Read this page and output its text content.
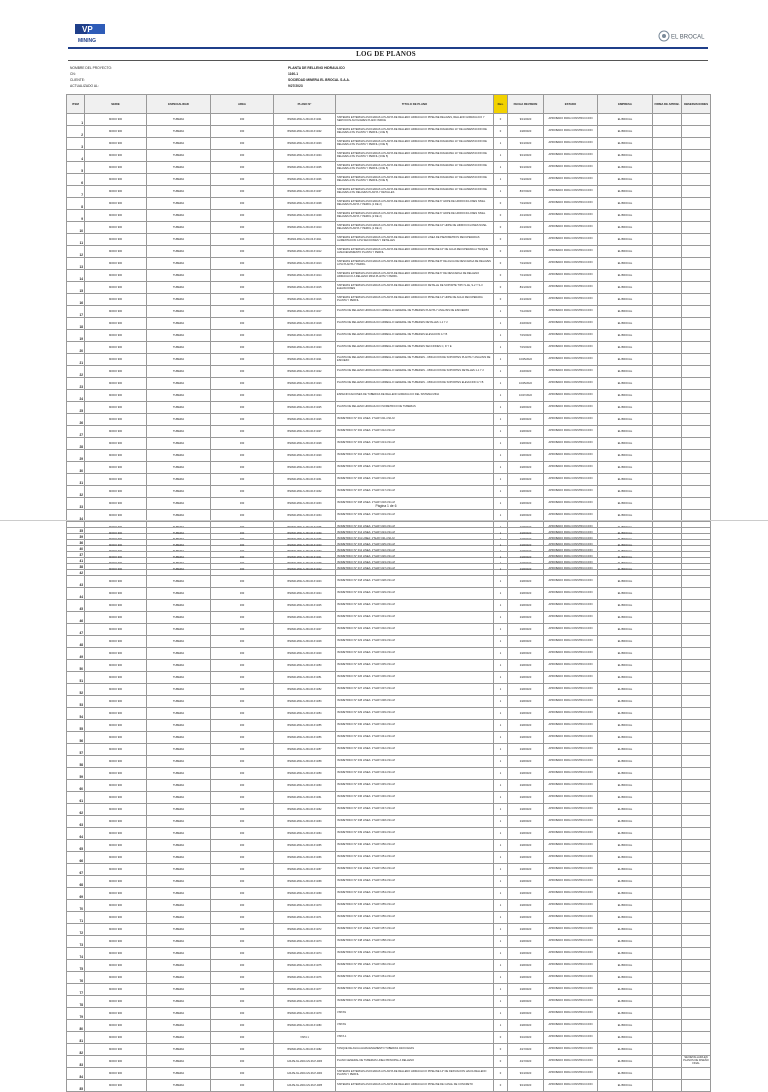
VP
MINING
EL BROCAL
LOG DE PLANOS
NOMBRE DEL PROYECTO:	PLANTA DE RELLENO HIDRAULICO
CN:	1160-1
CLIENTE:	SOCIEDAD MINERA EL BROCAL S.A.A.
ACTUALIZADO AL:	9/27/2023
ITEM	SERIE	ESPECIALIDAD	AREA	PLANO N°	TITULO DE PLANO	Rev.	FECHA REVISION	ESTADO	EMPRESA	FIRMA DE APROB.	OBSERVACIONES
1	MODO 900	TUBERIA	330	BS0600-MNG-S-330-06-P-4001	SISTEMAS EXTERNAS ASOCIADAS A PLANTA DE RELLENO HIDRAULICO PIPELINE RELAVES, RELLENO HIDRAULICO Y SERVICIOS AUXILIARES PLANO INDICE	0	9/13/2023	APROBADO PARA CONSTRUCCION	EL BROCAL		
2	MODO 900	TUBERIA	330	BS0600-MNG-S-330-06-P-4002	SISTEMAS EXTERNAS ASOCIADAS A PLANTA DE RELLENO HIDRAULICO PIPELINE DIAGRAMA 14" DE ALIMENTACION DE RELAVES A PH PLANTA Y PERFIL (1 DE 5)	0	2/28/2023	APROBADO PARA CONSTRUCCION	EL BROCAL		
3	MODO 900	TUBERIA	330	BS0600-MNG-S-330-06-P-4003	SISTEMAS EXTERNAS ASOCIADAS A PLANTA DE RELLENO HIDRAULICO PIPELINE DIAGRAMA 14" DE ALIMENTACION DE RELAVES A PH PLANTA Y PERFIL (2 DE 5)	1	9/13/2023	APROBADO PARA CONSTRUCCION	EL BROCAL		
4	MODO 900	TUBERIA	330	BS0600-MNG-S-330-06-P-4004	SISTEMAS EXTERNAS ASOCIADAS A PLANTA DE RELLENO HIDRAULICO PIPELINE DIAGRAMA 14" DE ALIMENTACION DE RELAVES A PH PLANTA Y PERFIL (3 DE 5)	1	9/13/2023	APROBADO PARA CONSTRUCCION	EL BROCAL		
5	MODO 900	TUBERIA	330	BS0600-MNG-S-330-06-P-4005	SISTEMAS EXTERNAS ASOCIADAS A PLANTA DE RELLENO HIDRAULICO PIPELINE DIAGRAMA 14" DE ALIMENTACION DE RELAVES A PH PLANTA Y PERFIL (4 DE 5)	1	9/13/2023	APROBADO PARA CONSTRUCCION	EL BROCAL		
6	MODO 900	TUBERIA	330	BS0600-MNG-S-330-06-P-4006	SISTEMAS EXTERNAS ASOCIADAS A PLANTA DE RELLENO HIDRAULICO PIPELINE DIAGRAMA 14" DE ALIMENTACION DE RELAVES A PH PLANTA Y PERFIL (5 DE 5)	1	7/24/2023	APROBADO PARA CONSTRUCCION	EL BROCAL		
7	MODO 900	TUBERIA	330	BS0600-MNG-S-330-06-P-4007	SISTEMAS EXTERNAS ASOCIADAS A PLANTA DE RELLENO HIDRAULICO PIPELINE DIAGRAMA 14" DE ALIMENTACION DE RELAVES A PH RELAVES PLANTA Y DETALLES	1	8/07/2023	APROBADO PARA CONSTRUCCION	EL BROCAL		
8	MODO 900	TUBERIA	330	BS0600-MNG-S-330-06-P-4008	SISTEMAS EXTERNAS ASOCIADAS A PLANTA DE RELLENO HIDRAULICO PIPELINE 6" HDPE DE HIDROCICLONES NIVEL RELAVES PLANTA Y PERFIL (1 DE 2)	0	7/24/2023	APROBADO PARA CONSTRUCCION	EL BROCAL		
9	MODO 900	TUBERIA	330	BS0600-MNG-S-330-06-P-4009	SISTEMAS EXTERNAS ASOCIADAS A PLANTA DE RELLENO HIDRAULICO PIPELINE 6" HDPE DE HIDROCICLONES NIVEL RELAVES PLANTA Y PERFIL (2 DE 2)	0	4/13/2023	APROBADO PARA CONSTRUCCION	EL BROCAL		
10	MODO 900	TUBERIA	330	BS0600-MNG-S-330-06-P-4010	SISTEMAS EXTERNAS ASOCIADAS A PLANTA DE RELLENO HIDRAULICO PIPELINE 10" HDPE DE HIDROCICLONES NIVEL RELAVES PLANTA Y PERFIL (1 DE 2)	0	4/13/2023	APROBADO PARA CONSTRUCCION	EL BROCAL		
11	MODO 900	TUBERIA	330	BS0600-MNG-S-330-06-P-4011	SISTEMAS EXTERNAS ASOCIADAS A PLANTA DE RELLENO HIDRAULICO LINEA DE PIEZOMETROS RECUPERADAS ALIMENTACION A PH SECCIONES Y DETALLES	0	4/13/2023	APROBADO PARA CONSTRUCCION	EL BROCAL		
12	MODO 900	TUBERIA	330	BS0600-MNG-S-330-06-P-4012	SISTEMAS EXTERNAS ASOCIADAS A PLANTA DE RELLENO HIDRAULICO PIPELINE 10" DE AGUA RECUPERADA A TANQUE ALMACENAMIENTO PLANTA Y PERFIL	0	4/13/2023	APROBADO PARA CONSTRUCCION	EL BROCAL		
13	MODO 900	TUBERIA	330	BS0600-MNG-S-330-06-P-4013	SISTEMAS EXTERNAS ASOCIADAS A PLANTA DE RELLENO HIDRAULICO PIPELINE 8" DE AGUA DE DESCARGA DE RELAVES A PH PLANTA Y PERFIL	0	7/24/2023	APROBADO PARA CONSTRUCCION	EL BROCAL		
14	MODO 900	TUBERIA	330	BS0600-MNG-S-330-06-P-4014	SISTEMAS EXTERNAS ASOCIADAS A PLANTA DE RELLENO HIDRAULICO PIPELINE 6" DE DESCARGA DE RELLENO HIDRAULICO A RELLENO MINA PLANTA Y PERFIL	0	7/13/2023	APROBADO PARA CONSTRUCCION	EL BROCAL		
15	MODO 900	TUBERIA	330	BS0600-MNG-S-330-06-P-4015	SISTEMAS EXTERNAS ASOCIADAS A PLANTA DE RELLENO HIDRAULICO DETALLE DE SOPORTE TIPO S-1E, S-2 Y S-3 ELEVACIONES	0	8/21/2023	APROBADO PARA CONSTRUCCION	EL BROCAL		
16	MODO 900	TUBERIA	330	BS0600-MNG-S-330-06-P-4016	SISTEMAS EXTERNAS ASOCIADAS A PLANTA DE RELLENO HIDRAULICO PIPELINE 12" HDPE DE AGUA RECUPERADA PLANTA Y PERFIL	0	4/13/2023	APROBADO PARA CONSTRUCCION	EL BROCAL		
17	MODO 900	TUBERIA	330	BS0600-MNG-S-330-06-P-4017	PLANTA DE RELLENO HIDRAULICO ARREGLO GENERAL DE TUBERIAS PLANTA Y ANALISIS DE ESFUERZO	1	7/12/2023	APROBADO PARA CONSTRUCCION	EL BROCAL		
18	MODO 900	TUBERIA	330	BS0600-MNG-S-330-06-P-4018	PLANTA DE RELLENO HIDRAULICO ARREGLO GENERAL DE TUBERIAS DETALLES 1-1 Y 2	1	4/18/2023	APROBADO PARA CONSTRUCCION	EL BROCAL		
19	MODO 900	TUBERIA	330	BS0600-MNG-S-330-06-P-4019	PLANTA DE RELLENO HIDRAULICO ARREGLO GENERAL DE TUBERIAS ELEVACION A Y B	1	7/15/2023	APROBADO PARA CONSTRUCCION	EL BROCAL		
20	MODO 900	TUBERIA	330	BS0600-MNG-S-330-06-P-4020	PLANTA DE RELLENO HIDRAULICO ARREGLO GENERAL DE TUBERIAS SECCIONES C, D Y E	1	7/15/2023	APROBADO PARA CONSTRUCCION	EL BROCAL		
21	MODO 900	TUBERIA	330	BS0600-MNG-S-330-06-P-4021	PLANTA DE RELLENO HIDRAULICO ARREGLO GENERAL DE TUBERIAS - UBICACION DE SOPORTES PLANTA Y ANALISIS DE ESFUEZO	1	10/25/2022	APROBADO PARA CONSTRUCCION	EL BROCAL		
22	MODO 900	TUBERIA	330	BS0600-MNG-S-330-06-P-4022	PLANTA DE RELLENO HIDRAULICO ARREGLO GENERAL DE TUBERIAS - UBICACION DE SOPORTES DETALLES 1-1 Y 2	1	4/18/2023	APROBADO PARA CONSTRUCCION	EL BROCAL		
23	MODO 900	TUBERIA	330	BS0600-MNG-S-330-06-P-4023	PLANTA DE RELLENO HIDRAULICO ARREGLO GENERAL DE TUBERIAS - UBICACION DE SOPORTES ELEVACION A Y B	1	10/25/2022	APROBADO PARA CONSTRUCCION	EL BROCAL		
24	MODO 900	TUBERIA	330	BS0600-MNG-S-330-06-P-4024	ESPECIFICACIONES DE TUBERIAS DE RELLENO HIDRAULICO DEL SISTEMA MINA	1	10/27/2022	APROBADO PARA CONSTRUCCION	EL BROCAL		
25	MODO 900	TUBERIA	330	BS0600-MNG-S-330-06-P-4025	PLANTA DE RELLENO HIDRAULICO ISOMETRICO DE TUBERIAS	1	2/28/2023	APROBADO PARA CONSTRUCCION	EL BROCAL		
26	MODO 900	TUBERIA	330	BS0600-MNG-S-330-06-P-4026	ISOMETRICO N° 001 LINEA: 1"SLRY-011-CS1-M	1	2/28/2023	APROBADO PARA CONSTRUCCION	EL BROCAL		
27	MODO 900	TUBERIA	330	BS0600-MNG-S-330-06-P-4027	ISOMETRICO N° 002 LINEA: 1"SLRY-012-CS1-M	1	2/28/2023	APROBADO PARA CONSTRUCCION	EL BROCAL		
28	MODO 900	TUBERIA	330	BS0600-MNG-S-330-06-P-4028	ISOMETRICO N° 003 LINEA: 1"SLRY-013-CS1-M	1	2/28/2023	APROBADO PARA CONSTRUCCION	EL BROCAL		
29	MODO 900	TUBERIA	330	BS0600-MNG-S-330-06-P-4029	ISOMETRICO N° 004 LINEA: 1"SLRY-014-CS1-M	1	2/28/2023	APROBADO PARA CONSTRUCCION	EL BROCAL		
30	MODO 900	TUBERIA	330	BS0600-MNG-S-330-06-P-4030	ISOMETRICO N° 005 LINEA: 1"SLRY-015-CS1-M	1	2/28/2023	APROBADO PARA CONSTRUCCION	EL BROCAL		
31	MODO 900	TUBERIA	330	BS0600-MNG-S-330-06-P-4031	ISOMETRICO N° 006 LINEA: 1"SLRY-016-CS1-M	1	2/28/2023	APROBADO PARA CONSTRUCCION	EL BROCAL		
32	MODO 900	TUBERIA	330	BS0600-MNG-S-330-06-P-4032	ISOMETRICO N° 007 LINEA: 1"SLRY-017-CS1-M	1	2/28/2023	APROBADO PARA CONSTRUCCION	EL BROCAL		
33	MODO 900	TUBERIA	330	BS0600-MNG-S-330-06-P-4033	ISOMETRICO N° 008 LINEA: 1"SLRY-018-CS1-M	1	2/28/2023	APROBADO PARA CONSTRUCCION	EL BROCAL		
34	MODO 900	TUBERIA	330	BS0600-MNG-S-330-06-P-4034	ISOMETRICO N° 009 LINEA: 1"SLRY-019-CS1-M	1	2/28/2023	APROBADO PARA CONSTRUCCION	EL BROCAL		
35	MODO 900	TUBERIA	330	BS0600-MNG-S-330-06-P-4035	ISOMETRICO N° 010 LINEA: 1"SLRY-020-CS1-M	1	2/28/2023	APROBADO PARA CONSTRUCCION	EL BROCAL		
36	MODO 900	TUBERIA	330	BS0600-MNG-S-330-06-P-4036	ISOMETRICO N° 011 LINEA: 1"SLRY-021-CS1-M	1	2/28/2023	APROBADO PARA CONSTRUCCION	EL BROCAL		
37	MODO 900	TUBERIA	330	BS0600-MNG-S-330-06-P-4037	ISOMETRICO N° 012 LINEA: 1"SLRY-022-CS1-M	1	2/28/2023	APROBADO PARA CONSTRUCCION	EL BROCAL		
38	MODO 900	TUBERIA	330	BS0600-MNG-S-330-06-P-4038	ISOMETRICO N° 013 LINEA: 1"SLRY-023-CS1-M	1	2/28/2023	APROBADO PARA CONSTRUCCION	EL BROCAL		
Página 1 de 6
39	MODO 900	TUBERIA	330	BS0600-MNG-S-330-06-P-4039	ISOMETRICO N° 014 LINEA: 1"SLRY-024-CS1-M	1	2/28/2023	APROBADO PARA CONSTRUCCION	EL BROCAL		
40	MODO 900	TUBERIA	330	BS0600-MNG-S-330-06-P-4040	ISOMETRICO N° 015 LINEA: 1"SLRY-025-CS1-M	1	2/28/2023	APROBADO PARA CONSTRUCCION	EL BROCAL		
41	MODO 900	TUBERIA	330	BS0600-MNG-S-330-06-P-4041	ISOMETRICO N° 016 LINEA: 1"SLRY-026-CS1-M	1	2/28/2023	APROBADO PARA CONSTRUCCION	EL BROCAL		
42	MODO 900	TUBERIA	330	BS0600-MNG-S-330-06-P-4042	ISOMETRICO N° 017 LINEA: 1"SLRY-027-CS1-M	1	2/28/2023	APROBADO PARA CONSTRUCCION	EL BROCAL		
43	MODO 900	TUBERIA	330	BS0600-MNG-S-330-06-P-4043	ISOMETRICO N° 018 LINEA: 1"SLRY-028-CS1-M	1	2/28/2023	APROBADO PARA CONSTRUCCION	EL BROCAL		
44	MODO 900	TUBERIA	330	BS0600-MNG-S-330-06-P-4044	ISOMETRICO N° 019 LINEA: 1"SLRY-029-CS1-M	1	2/28/2023	APROBADO PARA CONSTRUCCION	EL BROCAL		
45	MODO 900	TUBERIA	330	BS0600-MNG-S-330-06-P-4045	ISOMETRICO N° 020 LINEA: 1"SLRY-030-CS1-M	1	2/28/2023	APROBADO PARA CONSTRUCCION	EL BROCAL		
46	MODO 900	TUBERIA	330	BS0600-MNG-S-330-06-P-4046	ISOMETRICO N° 021 LINEA: 1"SLRY-031-CS1-M	1	2/28/2023	APROBADO PARA CONSTRUCCION	EL BROCAL		
47	MODO 900	TUBERIA	330	BS0600-MNG-S-330-06-P-4047	ISOMETRICO N° 022 LINEA: 1"SLRY-032-CS1-M	1	2/28/2023	APROBADO PARA CONSTRUCCION	EL BROCAL		
48	MODO 900	TUBERIA	330	BS0600-MNG-S-330-06-P-4048	ISOMETRICO N° 023 LINEA: 1"SLRY-033-CS1-M	1	2/28/2023	APROBADO PARA CONSTRUCCION	EL BROCAL		
49	MODO 900	TUBERIA	330	BS0600-MNG-S-330-06-P-4049	ISOMETRICO N° 024 LINEA: 1"SLRY-034-CS1-M	1	2/28/2023	APROBADO PARA CONSTRUCCION	EL BROCAL		
50	MODO 900	TUBERIA	330	BS0600-MNG-S-330-06-P-4050	ISOMETRICO N° 025 LINEA: 1"SLRY-035-CS1-M	1	2/28/2023	APROBADO PARA CONSTRUCCION	EL BROCAL		
51	MODO 900	TUBERIA	330	BS0600-MNG-S-330-06-P-4051	ISOMETRICO N° 026 LINEA: 1"SLRY-036-CS1-M	1	2/28/2023	APROBADO PARA CONSTRUCCION	EL BROCAL		
52	MODO 900	TUBERIA	330	BS0600-MNG-S-330-06-P-4052	ISOMETRICO N° 027 LINEA: 1"SLRY-037-CS1-M	1	2/28/2023	APROBADO PARA CONSTRUCCION	EL BROCAL		
53	MODO 900	TUBERIA	330	BS0600-MNG-S-330-06-P-4053	ISOMETRICO N° 028 LINEA: 1"SLRY-038-CS1-M	1	2/28/2023	APROBADO PARA CONSTRUCCION	EL BROCAL		
54	MODO 900	TUBERIA	330	BS0600-MNG-S-330-06-P-4054	ISOMETRICO N° 029 LINEA: 1"SLRY-039-CS1-M	1	2/28/2023	APROBADO PARA CONSTRUCCION	EL BROCAL		
55	MODO 900	TUBERIA	330	BS0600-MNG-S-330-06-P-4055	ISOMETRICO N° 030 LINEA: 1"SLRY-040-CS1-M	1	2/28/2023	APROBADO PARA CONSTRUCCION	EL BROCAL		
56	MODO 900	TUBERIA	330	BS0600-MNG-S-330-06-P-4056	ISOMETRICO N° 031 LINEA: 1"SLRY-041-CS1-M	1	2/28/2023	APROBADO PARA CONSTRUCCION	EL BROCAL		
57	MODO 900	TUBERIA	330	BS0600-MNG-S-330-06-P-4057	ISOMETRICO N° 032 LINEA: 1"SLRY-042-CS1-M	1	2/28/2023	APROBADO PARA CONSTRUCCION	EL BROCAL		
58	MODO 900	TUBERIA	330	BS0600-MNG-S-330-06-P-4058	ISOMETRICO N° 033 LINEA: 1"SLRY-043-CS1-M	1	2/28/2023	APROBADO PARA CONSTRUCCION	EL BROCAL		
59	MODO 900	TUBERIA	330	BS0600-MNG-S-330-06-P-4059	ISOMETRICO N° 034 LINEA: 1"SLRY-044-CS1-M	1	2/28/2023	APROBADO PARA CONSTRUCCION	EL BROCAL		
60	MODO 900	TUBERIA	330	BS0600-MNG-S-330-06-P-4060	ISOMETRICO N° 035 LINEA: 1"SLRY-045-CS1-M	1	2/28/2023	APROBADO PARA CONSTRUCCION	EL BROCAL		
61	MODO 900	TUBERIA	330	BS0600-MNG-S-330-06-P-4061	ISOMETRICO N° 036 LINEA: 1"SLRY-046-CS1-M	1	2/28/2023	APROBADO PARA CONSTRUCCION	EL BROCAL		
62	MODO 900	TUBERIA	330	BS0600-MNG-S-330-06-P-4062	ISOMETRICO N° 037 LINEA: 1"SLRY-047-CS1-M	1	2/28/2023	APROBADO PARA CONSTRUCCION	EL BROCAL		
63	MODO 900	TUBERIA	330	BS0600-MNG-S-330-06-P-4063	ISOMETRICO N° 038 LINEA: 1"SLRY-048-CS1-M	1	2/28/2023	APROBADO PARA CONSTRUCCION	EL BROCAL		
64	MODO 900	TUBERIA	330	BS0600-MNG-S-330-06-P-4064	ISOMETRICO N° 039 LINEA: 1"SLRY-049-CS1-M	1	2/28/2023	APROBADO PARA CONSTRUCCION	EL BROCAL		
65	MODO 900	TUBERIA	330	BS0600-MNG-S-330-06-P-4065	ISOMETRICO N° 040 LINEA: 1"SLRY-050-CS1-M	1	2/28/2023	APROBADO PARA CONSTRUCCION	EL BROCAL		
66	MODO 900	TUBERIA	330	BS0600-MNG-S-330-06-P-4066	ISOMETRICO N° 041 LINEA: 1"SLRY-051-CS1-M	1	2/28/2023	APROBADO PARA CONSTRUCCION	EL BROCAL		
67	MODO 900	TUBERIA	330	BS0600-MNG-S-330-06-P-4067	ISOMETRICO N° 042 LINEA: 1"SLRY-052-CS1-M	1	2/28/2023	APROBADO PARA CONSTRUCCION	EL BROCAL		
68	MODO 900	TUBERIA	330	BS0600-MNG-S-330-06-P-4068	ISOMETRICO N° 043 LINEA: 1"SLRY-053-CS1-M	1	2/28/2023	APROBADO PARA CONSTRUCCION	EL BROCAL		
69	MODO 900	TUBERIA	330	BS0600-MNG-S-330-06-P-4069	ISOMETRICO N° 044 LINEA: 1"SLRY-054-CS1-M	1	2/28/2023	APROBADO PARA CONSTRUCCION	EL BROCAL		
70	MODO 900	TUBERIA	330	BS0600-MNG-S-330-06-P-4070	ISOMETRICO N° 045 LINEA: 1"SLRY-055-CS1-M	1	2/28/2023	APROBADO PARA CONSTRUCCION	EL BROCAL		
71	MODO 900	TUBERIA	330	BS0600-MNG-S-330-06-P-4071	ISOMETRICO N° 046 LINEA: 1"SLRY-056-CS1-M	1	2/28/2023	APROBADO PARA CONSTRUCCION	EL BROCAL		
72	MODO 900	TUBERIA	330	BS0600-MNG-S-330-06-P-4072	ISOMETRICO N° 047 LINEA: 1"SLRY-057-CS1-M	1	2/28/2023	APROBADO PARA CONSTRUCCION	EL BROCAL		
73	MODO 900	TUBERIA	330	BS0600-MNG-S-330-06-P-4073	ISOMETRICO N° 048 LINEA: 1"SLRY-058-CS1-M	1	2/28/2023	APROBADO PARA CONSTRUCCION	EL BROCAL		
74	MODO 900	TUBERIA	330	BS0600-MNG-S-330-06-P-4074	ISOMETRICO N° 049 LINEA: 1"SLRY-059-CS1-M	1	2/28/2023	APROBADO PARA CONSTRUCCION	EL BROCAL		
75	MODO 900	TUBERIA	330	BS0600-MNG-S-330-06-P-4075	ISOMETRICO N° 050 LINEA: 1"SLRY-060-CS1-M	1	2/28/2023	APROBADO PARA CONSTRUCCION	EL BROCAL		
76	MODO 900	TUBERIA	330	BS0600-MNG-S-330-06-P-4076	ISOMETRICO N° 051 LINEA: 1"SLRY-061-CS1-M	1	2/28/2023	APROBADO PARA CONSTRUCCION	EL BROCAL		
77	MODO 900	TUBERIA	330	BS0600-MNG-S-330-06-P-4077	ISOMETRICO N° 052 LINEA: 1"SLRY-062-CS1-M	1	2/28/2023	APROBADO PARA CONSTRUCCION	EL BROCAL		
78	MODO 900	TUBERIA	330	BS0600-MNG-S-330-06-P-4078	ISOMETRICO N° 053 LINEA: 1"SLRY-063-CS1-M	1	2/28/2023	APROBADO PARA CONSTRUCCION	EL BROCAL		
79	MODO 900	TUBERIA	330	BS0600-MNG-S-330-06-P-4079	VISTAS	1	2/28/2023	APROBADO PARA CONSTRUCCION	EL BROCAL		
80	MODO 900	TUBERIA	330	BS0600-MNG-S-330-06-P-4080	VISTAS	1	2/28/2023	APROBADO PARA CONSTRUCCION	EL BROCAL		
81	MODO 900	TUBERIA	330	VISTA 1	VISTA 1	0	3/10/2023	APROBADO PARA CONSTRUCCION	EL BROCAL		
82	MODO 900	TUBERIA	330	BS0600-MNG-S-330-06-P-4082	TANQUE DE AGUA ALMACENAMIENTO TUBERIAS ASOCIADAS	0	4/27/2023	APROBADO PARA CONSTRUCCION	EL BROCAL		
83	MODO 900	TUBERIA	330	GOLPE-3G-2900-GIV-06-P-4083	PLANO GENERAL DE TUBERIAS LINEA PRINCIPAL A RELLENO	0	4/27/2023	APROBADO PARA CONSTRUCCION	EL BROCAL		SE DETALLARA EN PLANOS DE DISEÑO FINAL
84	MODO 900	TUBERIA	330	GOLPE-3G-2900-GIV-06-P-4084	SISTEMAS EXTERNAS ASOCIADAS A PLANTA DE RELLENO HIDRAULICO PIPELINE 14" DE DESVIACION HACIA RELLENO PLANTA Y PERFIL	0	9/13/2023	APROBADO PARA CONSTRUCCION	EL BROCAL		
85	MODO 900	TUBERIA	330	GOLPE-3G-2900-GIV-06-P-4085	SISTEMAS EXTERNAS ASOCIADAS A PLANTA DE RELLENO HIDRAULICO PIPELINE DE CANAL DE CONCRETO	0	9/13/2023	APROBADO PARA CONSTRUCCION	EL BROCAL		
